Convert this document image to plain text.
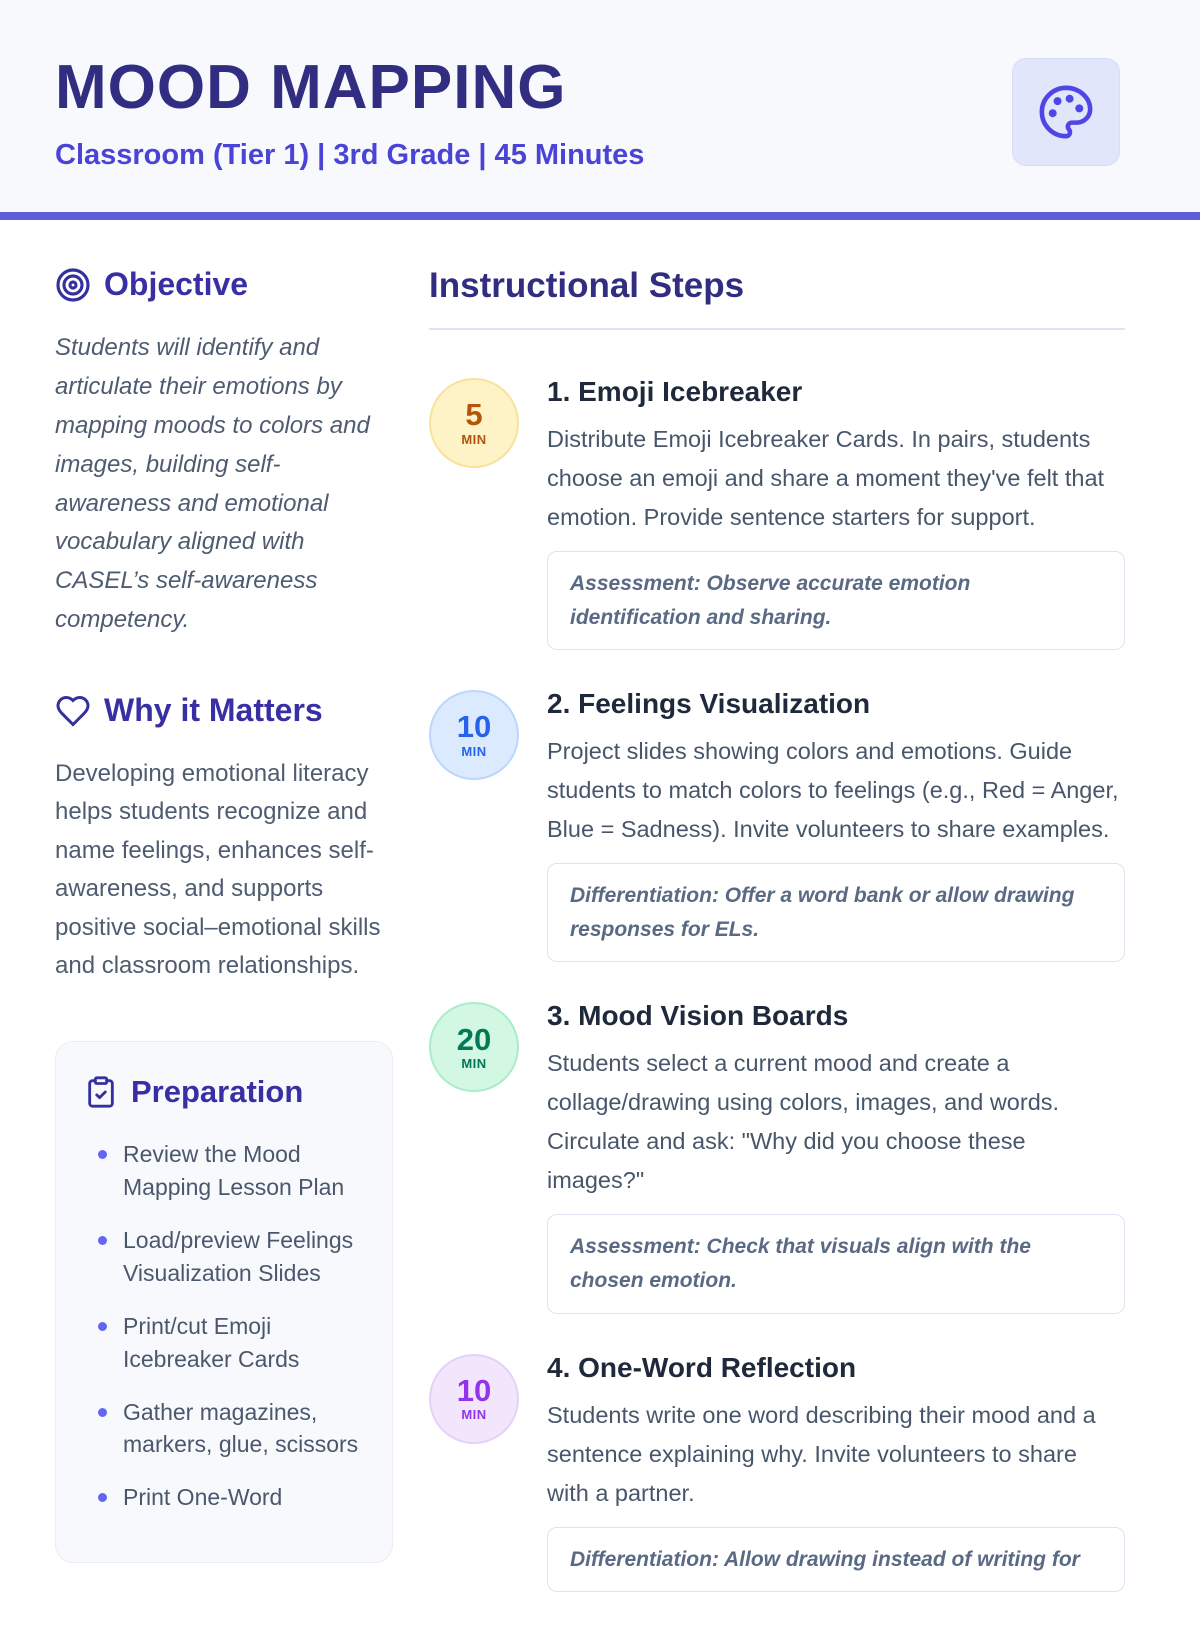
MOOD MAPPING
Classroom (Tier 1) | 3rd Grade | 45 Minutes
Objective

Students will identify and articulate their emotions by mapping moods to colors and images, building self-awareness and emotional vocabulary aligned with CASEL’s self-awareness competency.

Why it Matters

Developing emotional literacy helps students recognize and name feelings, enhances self-awareness, and supports positive social–emotional skills and classroom relationships.

Preparation
Review the Mood Mapping Lesson Plan
Load/preview Feelings Visualization Slides
Print/cut Emoji Icebreaker Cards
Gather magazines, markers, glue, scissors
Print One-Word
Instructional Steps
5
MIN
1. Emoji Icebreaker

Distribute Emoji Icebreaker Cards. In pairs, students choose an emoji and share a moment they've felt that emotion. Provide sentence starters for support.

Assessment: Observe accurate emotion identification and sharing.

10
MIN
2. Feelings Visualization

Project slides showing colors and emotions. Guide students to match colors to feelings (e.g., Red = Anger, Blue = Sadness). Invite volunteers to share examples.

Differentiation: Offer a word bank or allow drawing responses for ELs.

20
MIN
3. Mood Vision Boards

Students select a current mood and create a collage/drawing using colors, images, and words. Circulate and ask: "Why did you choose these images?"

Assessment: Check that visuals align with the chosen emotion.

10
MIN
4. One-Word Reflection

Students write one word describing their mood and a sentence explaining why. Invite volunteers to share with a partner.

Differentiation: Allow drawing instead of writing for
